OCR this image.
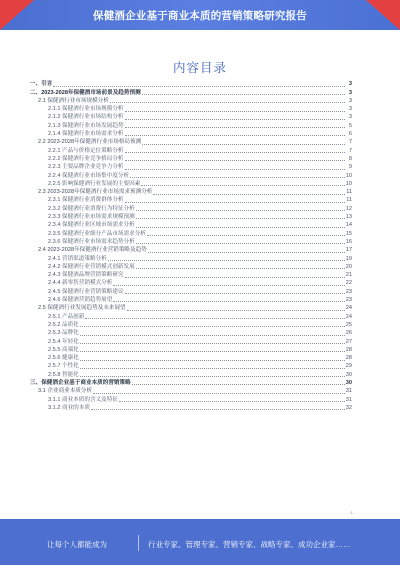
保健酒企业基于商业本质的营销策略研究报告
内容目录
一、引言	3
二、2023-2028年保健酒市场前景及趋势预测	3
2.1 保健酒行业市场规模分析	3
2.1.1 保健酒行业市场规模分析	3
2.1.2 保健酒行业市场结构分析	3
2.1.3 保健酒行业市场发展趋势	5
2.1.4 保健酒行业市场需求分析	6
2.2 2023-2028年保健酒行业市场格局预测	7
2.2.1 产品与价格定位策略分析	7
2.2.2 保健酒行业竞争格局分析	8
2.2.3 主要品牌企业竞争力分析	9
2.2.4 保健酒行业市场集中度分析	10
2.2.5 影响保健酒行业发展的主要因素	10
2.3 2023-2028年保健酒行业市场需求预测分析	11
2.3.1 保健酒行业消费群体分析	11
2.3.2 保健酒行业消费行为特征分析	12
2.3.3 保健酒行业市场需求规模预测	13
2.3.4 保健酒行业区域市场需求分析	14
2.3.5 保健酒行业细分产品市场需求分析	15
2.3.6 保健酒行业市场需求趋势分析	16
2.4 2023-2028年保健酒行业营销策略及趋势	17
2.4.1 营销渠道策略分析	19
2.4.2 保健酒行业营销模式创新发展	20
2.4.3 保健酒品牌营销策略研究	21
2.4.4 新零售营销模式分析	22
2.4.5 保健酒行业营销策略建议	23
2.4.6 保健酒营销趋势展望	23
2.5 保健酒行业发展趋势及未来展望	24
2.5.1 产品创新	24
2.5.2 品质化	25
2.5.3 品牌化	26
2.5.4 年轻化	27
2.5.5 高端化	28
2.5.6 健康化	28
2.5.7 个性化	29
2.5.8 智能化	30
三、保健酒企业基于商业本质的营销策略	30
3.1 企业商业本质分析	31
3.1.1 商业本质的含义及特征	31
3.1.2 商业的本质	32
-1-
让每个人都能成为	行业专家、管理专家、营销专家、战略专家、成功企业家……
